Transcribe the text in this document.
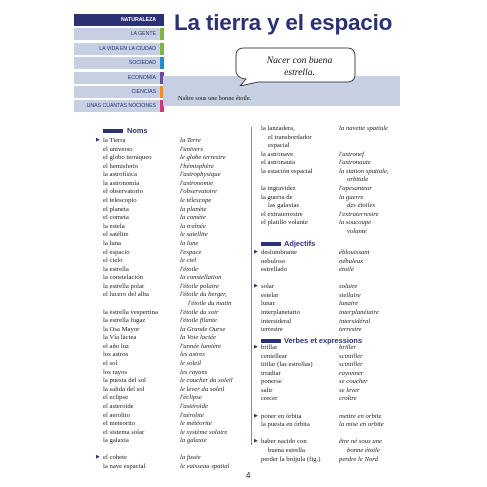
NATURALEZA
LA GENTE
LA VIDA EN LA CIUDAD
SOCIEDAD
ECONOMÍA
CIENCIAS
UNAS CUANTAS NOCIONES
La tierra y el espacio
Naître sous une bonne étoile.
Nacer con buena estrella.
Noms
Adjectifs
Verbes et expressions
▶ la Tierra	la Terre
el universo	l'univers
el globo terráqueo	le globe terrestre
el hemisferio	l'hémisphère
la astrofísica	l'astrophysique
la astronomía	l'astronomie
el observatorio	l'observatoire
el telescopio	le télescope
el planeta	la planète
el cometa	la comète
la estela	la traînée
el satélite	le satellite
la luna	la lune
el espacio	l'espace
el cielo	le ciel
la estrella	l'étoile
la constelación	la constellation
la estrella polar	l'étoile polaire
el lucero del alba	l'étoile du berger,
l'étoile du matin
la estrella vespertina	l'étoile du soir
la estrella fugaz	l'étoile filante
la Osa Mayor	la Grande Ourse
la Vía láctea	la Voie lactée
el año luz	l'année lumière
los astros	les astres
el sol	le soleil
los rayos	les rayons
la puesta del sol	le coucher du soleil
la salida del sol	le lever du soleil
el eclipse	l'éclipse
el asteroide	l'astéroïde
el aerolito	l'aérolite
el meteorito	le météorite
el sistema solar	le système solaire
la galaxia	la galaxie
▶ el cohete	la fusée
la nave espacial	le vaisseau spatial
la lanzadera,	la navette spatiale
el transbordador
espacial
la astronave	l'astronef
el astronauta	l'astronaute
la estación espacial	la station spatiale,
orbitale
la ingravidez	l'apesanteur
la guerra de	la guerre
las galaxias	des étoiles
el extraterrestre	l'extraterrestre
el platillo volante	la soucoupe
volante
▶ deslumbrante	éblouissant
nebuloso	nébuleux
estrellado	étoilé
▶ solar	solaire
estelar	stellaire
lunar	lunaire
interplanetario	interplanétaire
intersideral	intersidéral
terrestre	terrestre
▶ brillar	briller
centellear	scintiller
titilar (las estrellas)	scintiller
irradiar	rayonner
ponerse	se coucher
salir	se lever
crecer	croître
▶ poner en órbita	mettre en orbite
la puesta en órbita	la mise en orbite
▶ haber nacido con	être né sous une
buena estrella	bonne étoile
perder la brújula (fig.)	perdre le Nord
4
